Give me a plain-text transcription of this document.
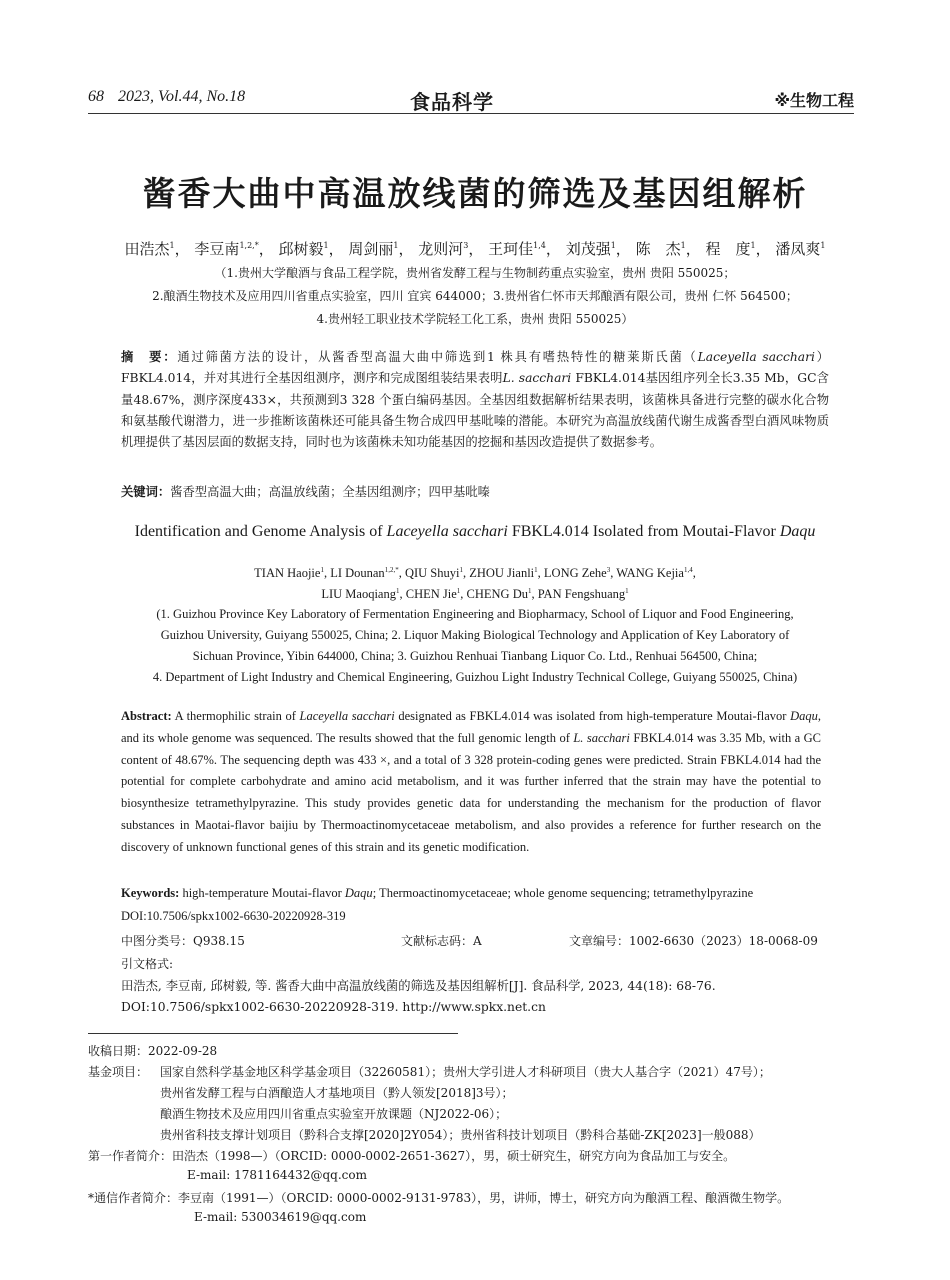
68 2023, Vol.44, No.18	食品科学	※生物工程
酱香大曲中高温放线菌的筛选及基因组解析
田浩杰$^1$， 李豆南$^{1,2,*}$， 邱树毅$^1$， 周剑丽$^1$， 龙则河$^3$， 王珂佳$^{1,4}$， 刘茂强$^1$， 陈　杰$^1$， 程　度$^1$， 潘凤爽$^1$
（1.贵州大学酿酒与食品工程学院，贵州省发酵工程与生物制药重点实验室，贵州 贵阳 550025；
2.酿酒生物技术及应用四川省重点实验室，四川 宜宾 644000；3.贵州省仁怀市天邦酿酒有限公司，贵州 仁怀 564500；
4.贵州轻工职业技术学院轻工化工系，贵州 贵阳 550025）
摘　要：通过筛菌方法的设计，从酱香型高温大曲中筛选到1 株具有嗜热特性的糖莱斯氏菌（Laceyella sacchari）FBKL4.014，并对其进行全基因组测序，测序和完成图组装结果表明L. sacchari FBKL4.014基因组序列全长3.35 Mb，GC含量48.67%，测序深度433×，共预测到3 328 个蛋白编码基因。全基因组数据解析结果表明，该菌株具备进行完整的碳水化合物和氨基酸代谢潜力，进一步推断该菌株还可能具备生物合成四甲基吡嗪的潜能。本研究为高温放线菌代谢生成酱香型白酒风味物质机理提供了基因层面的数据支持，同时也为该菌株未知功能基因的挖掘和基因改造提供了数据参考。
关键词：酱香型高温大曲；高温放线菌；全基因组测序；四甲基吡嗪
Identification and Genome Analysis of Laceyella sacchari FBKL4.014 Isolated from Moutai-Flavor Daqu
TIAN Haojie$^1$, LI Dounan$^{1,2,*}$, QIU Shuyi$^1$, ZHOU Jianli$^1$, LONG Zehe$^3$, WANG Kejia$^{1,4}$,
LIU Maoqiang$^1$, CHEN Jie$^1$, CHENG Du$^1$, PAN Fengshuang$^1$
(1. Guizhou Province Key Laboratory of Fermentation Engineering and Biopharmacy, School of Liquor and Food Engineering,
Guizhou University, Guiyang 550025, China; 2. Liquor Making Biological Technology and Application of Key Laboratory of
Sichuan Province, Yibin 644000, China; 3. Guizhou Renhuai Tianbang Liquor Co. Ltd., Renhuai 564500, China;
4. Department of Light Industry and Chemical Engineering, Guizhou Light Industry Technical College, Guiyang 550025, China)
Abstract: A thermophilic strain of Laceyella sacchari designated as FBKL4.014 was isolated from high-temperature Moutai-flavor Daqu, and its whole genome was sequenced. The results showed that the full genomic length of L. sacchari FBKL4.014 was 3.35 Mb, with a GC content of 48.67%. The sequencing depth was 433 ×, and a total of 3 328 protein-coding genes were predicted. Strain FBKL4.014 had the potential for complete carbohydrate and amino acid metabolism, and it was further inferred that the strain may have the potential to biosynthesize tetramethylpyrazine. This study provides genetic data for understanding the mechanism for the production of flavor substances in Maotai-flavor baijiu by Thermoactinomycetaceae metabolism, and also provides a reference for further research on the discovery of unknown functional genes of this strain and its genetic modification.
Keywords: high-temperature Moutai-flavor Daqu; Thermoactinomycetaceae; whole genome sequencing; tetramethylpyrazine
DOI:10.7506/spkx1002-6630-20220928-319
中图分类号：Q938.15	文献标志码：A	文章编号：1002-6630（2023）18-0068-09
引文格式:
田浩杰, 李豆南, 邱树毅, 等. 酱香大曲中高温放线菌的筛选及基因组解析[J]. 食品科学, 2023, 44(18): 68-76.
DOI:10.7506/spkx1002-6630-20220928-319. http://www.spkx.net.cn
收稿日期：2022-09-28
基金项目： 国家自然科学基金地区科学基金项目（32260581）；贵州大学引进人才科研项目（贵大人基合字（2021）47号）；
贵州省发酵工程与白酒酿造人才基地项目（黔人领发[2018]3号）；
酿酒生物技术及应用四川省重点实验室开放课题（NJ2022-06）；
贵州省科技支撑计划项目（黔科合支撑[2020]2Y054）；贵州省科技计划项目（黔科合基础-ZK[2023]一般088）
第一作者简介：田浩杰（1998—）（ORCID: 0000-0002-2651-3627），男，硕士研究生，研究方向为食品加工与安全。
E-mail: 1781164432@qq.com
*通信作者简介：李豆南（1991—）（ORCID: 0000-0002-9131-9783），男，讲师，博士，研究方向为酿酒工程、酿酒微生物学。
E-mail: 530034619@qq.com
